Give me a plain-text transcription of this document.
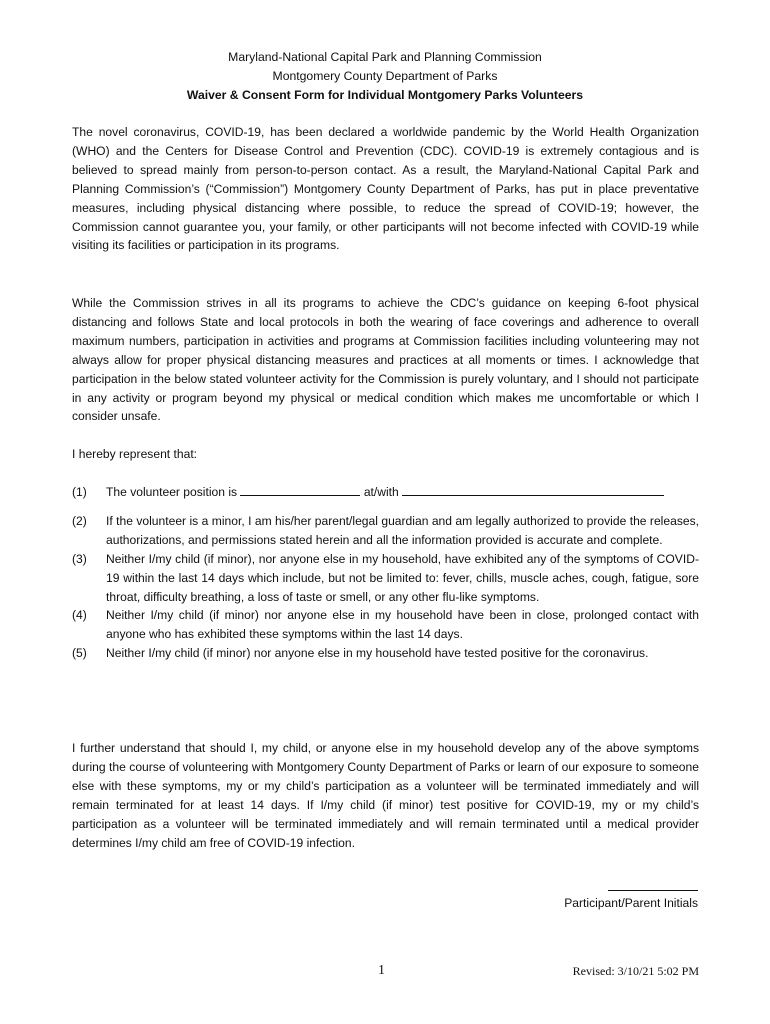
Maryland-National Capital Park and Planning Commission
Montgomery County Department of Parks
Waiver & Consent Form for Individual Montgomery Parks Volunteers

The novel coronavirus, COVID-19, has been declared a worldwide pandemic by the World Health Organization (WHO) and the Centers for Disease Control and Prevention (CDC). COVID-19 is extremely contagious and is believed to spread mainly from person-to-person contact. As a result, the Maryland-National Capital Park and Planning Commission’s (“Commission”) Montgomery County Department of Parks, has put in place preventative measures, including physical distancing where possible, to reduce the spread of COVID-19; however, the Commission cannot guarantee you, your family, or other participants will not become infected with COVID-19 while visiting its facilities or participation in its programs.

While the Commission strives in all its programs to achieve the CDC’s guidance on keeping 6-foot physical distancing and follows State and local protocols in both the wearing of face coverings and adherence to overall maximum numbers, participation in activities and programs at Commission facilities including volunteering may not always allow for proper physical distancing measures and practices at all moments or times. I acknowledge that participation in the below stated volunteer activity for the Commission is purely voluntary, and I should not participate in any activity or program beyond my physical or medical condition which makes me uncomfortable or which I consider unsafe.

I hereby represent that:

(1)	The volunteer position is	at/with
(2)	If the volunteer is a minor, I am his/her parent/legal guardian and am legally authorized to provide the releases, authorizations, and permissions stated herein and all the information provided is accurate and complete.
(3)	Neither I/my child (if minor), nor anyone else in my household, have exhibited any of the symptoms of COVID-19 within the last 14 days which include, but not be limited to: fever, chills, muscle aches, cough, fatigue, sore throat, difficulty breathing, a loss of taste or smell, or any other flu-like symptoms.
(4)	Neither I/my child (if minor) nor anyone else in my household have been in close, prolonged contact with anyone who has exhibited these symptoms within the last 14 days.
(5)	Neither I/my child (if minor) nor anyone else in my household have tested positive for the coronavirus.

I further understand that should I, my child, or anyone else in my household develop any of the above symptoms during the course of volunteering with Montgomery County Department of Parks or learn of our exposure to someone else with these symptoms, my or my child’s participation as a volunteer will be terminated immediately and will remain terminated for at least 14 days. If I/my child (if minor) test positive for COVID-19, my or my child’s participation as a volunteer will be terminated immediately and will remain terminated until a medical provider determines I/my child am free of COVID-19 infection.

Participant/Parent Initials
1	Revised: 3/10/21 5:02 PM
